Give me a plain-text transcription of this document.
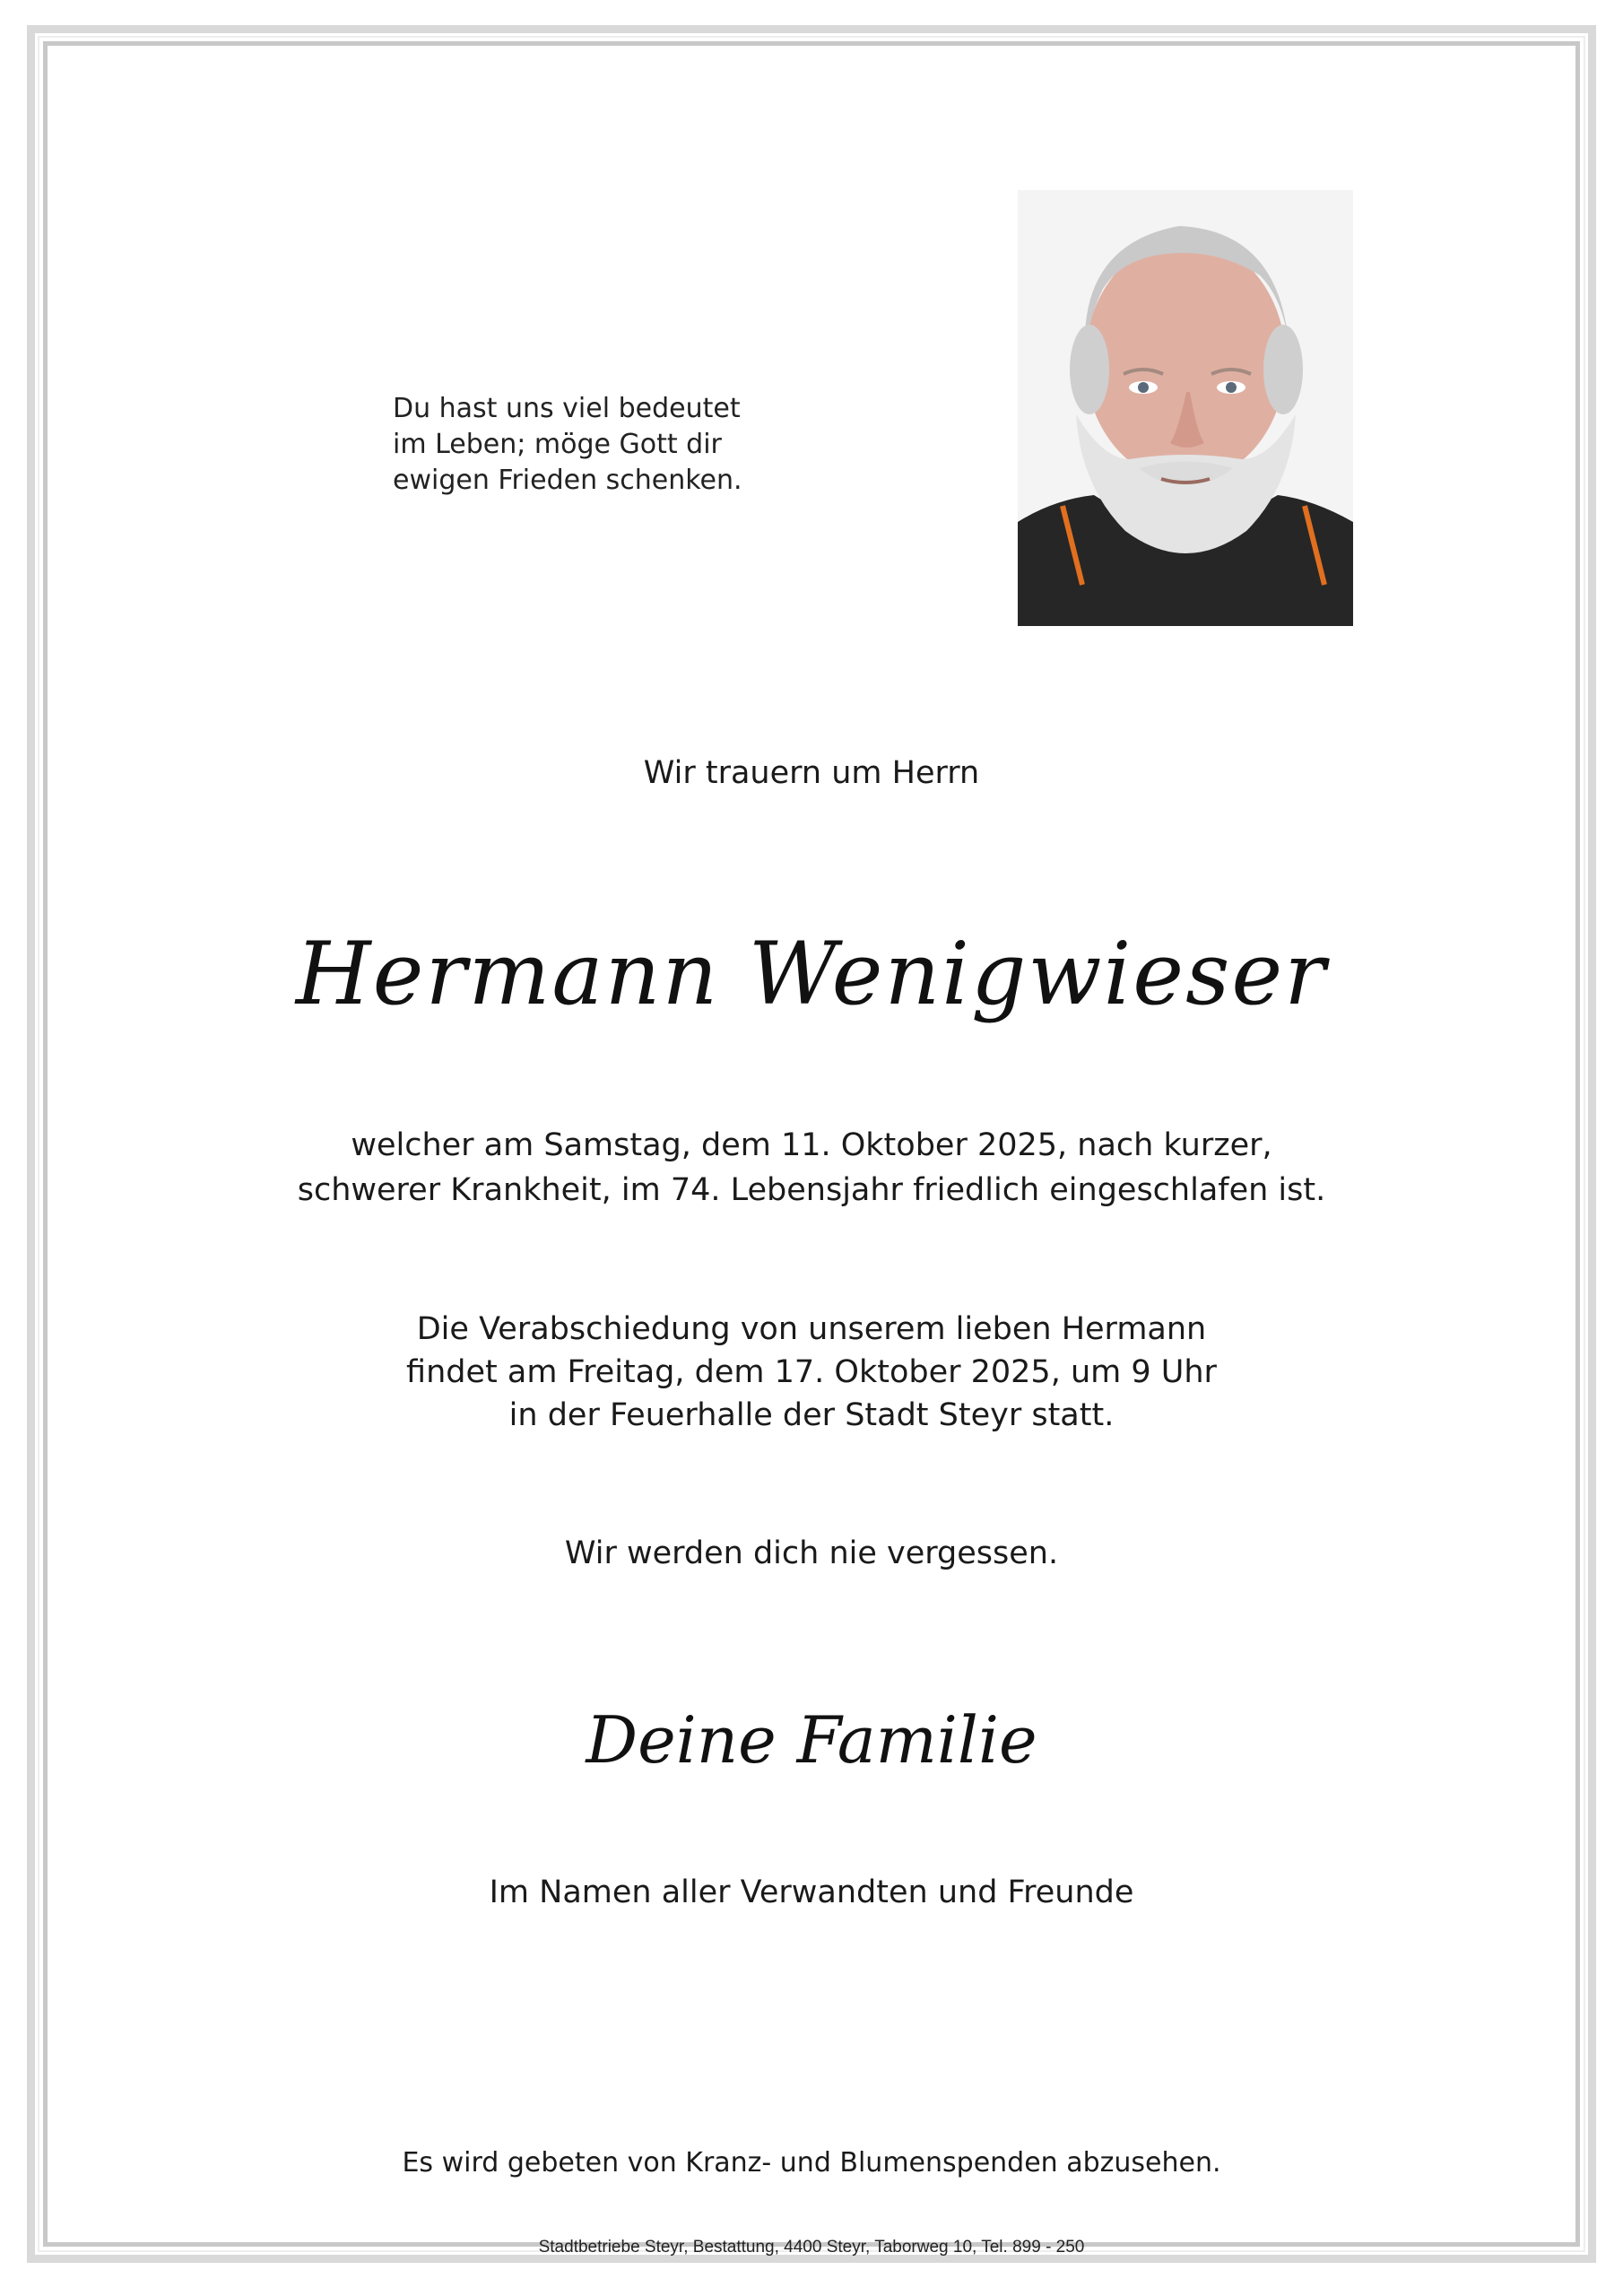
Du hast uns viel bedeutet
im Leben; möge Gott dir
ewigen Frieden schenken.
Wir trauern um Herrn
Hermann Wenigwieser
welcher am Samstag, dem 11. Oktober 2025, nach kurzer,
schwerer Krankheit, im 74. Lebensjahr friedlich eingeschlafen ist.
Die Verabschiedung von unserem lieben Hermann
findet am Freitag, dem 17. Oktober 2025, um 9 Uhr
in der Feuerhalle der Stadt Steyr statt.
Wir werden dich nie vergessen.
Deine Familie
Im Namen aller Verwandten und Freunde
Es wird gebeten von Kranz- und Blumenspenden abzusehen.
Stadtbetriebe Steyr, Bestattung, 4400 Steyr, Taborweg 10, Tel. 899 - 250
